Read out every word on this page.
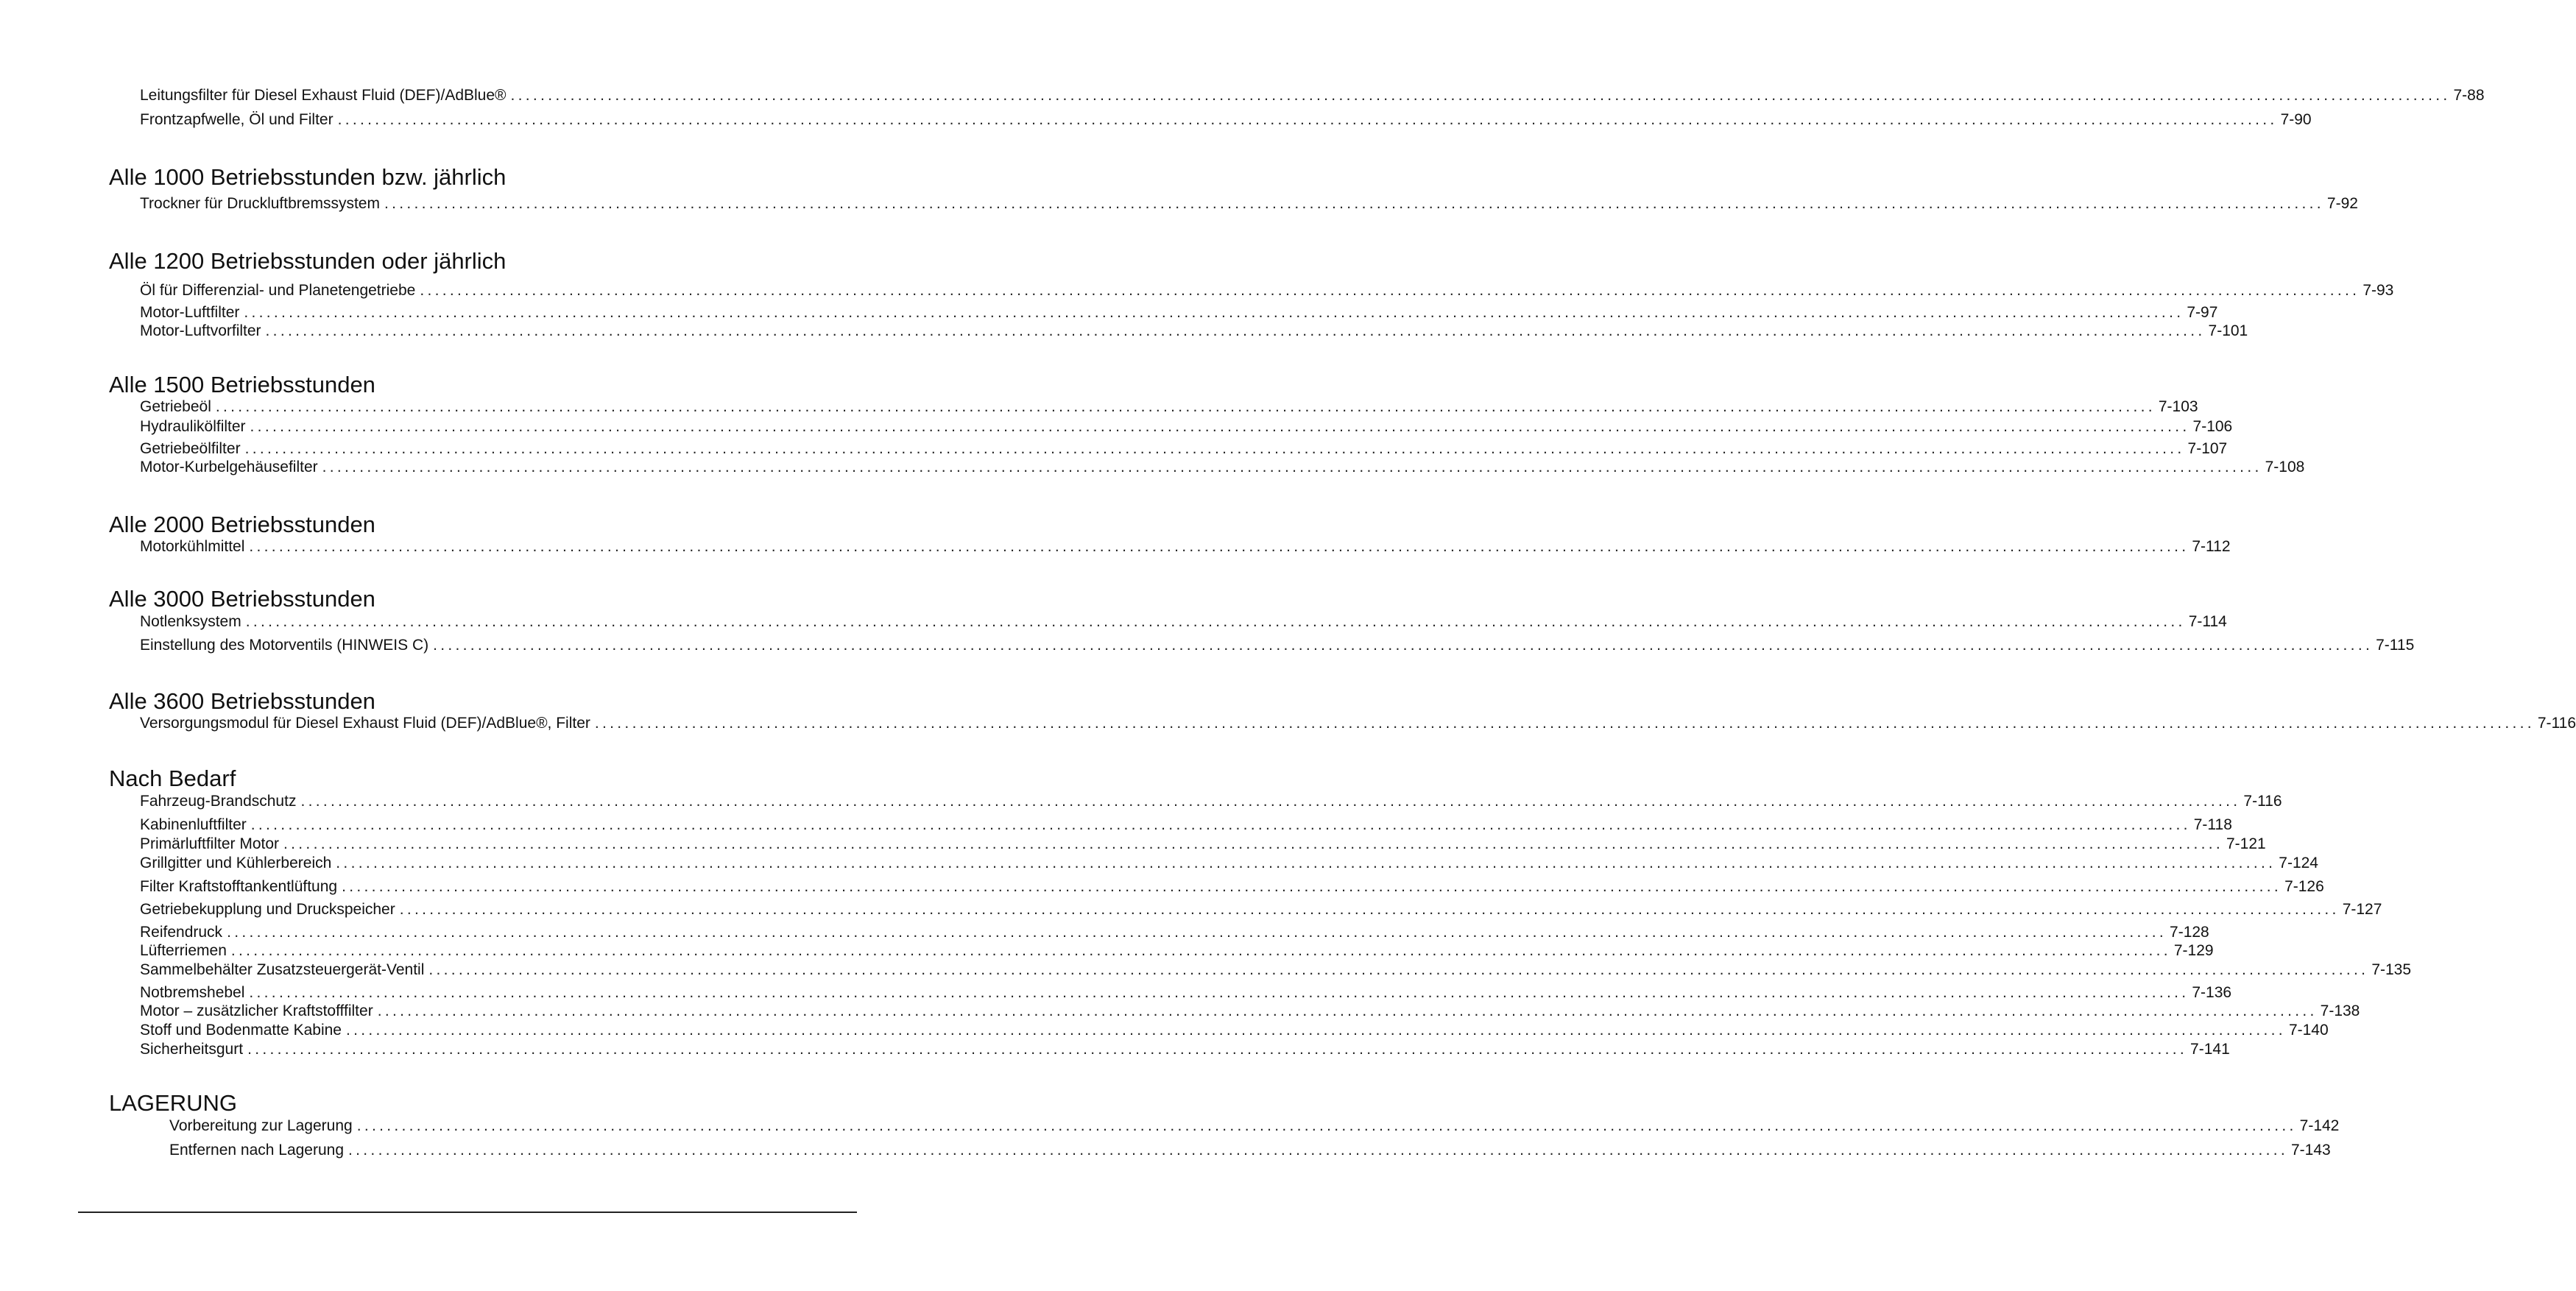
Leitungsfilter für Diesel Exhaust Fluid (DEF)/AdBlue® .................................................................................................................................................................................................................................................................... 7-88
Frontzapfwelle, Öl und Filter .................................................................................................................................................................................................................................................................... 7-90
Alle 1000 Betriebsstunden bzw. jährlich
Trockner für Druckluftbremssystem .................................................................................................................................................................................................................................................................... 7-92
Alle 1200 Betriebsstunden oder jährlich
Öl für Differenzial- und Planetengetriebe .................................................................................................................................................................................................................................................................... 7-93
Motor-Luftfilter .................................................................................................................................................................................................................................................................... 7-97
Motor-Luftvorfilter .................................................................................................................................................................................................................................................................... 7-101
Alle 1500 Betriebsstunden
Getriebeöl .................................................................................................................................................................................................................................................................... 7-103
Hydraulikölfilter .................................................................................................................................................................................................................................................................... 7-106
Getriebeölfilter .................................................................................................................................................................................................................................................................... 7-107
Motor-Kurbelgehäusefilter .................................................................................................................................................................................................................................................................... 7-108
Alle 2000 Betriebsstunden
Motorkühlmittel .................................................................................................................................................................................................................................................................... 7-112
Alle 3000 Betriebsstunden
Notlenksystem .................................................................................................................................................................................................................................................................... 7-114
Einstellung des Motorventils (HINWEIS C) .................................................................................................................................................................................................................................................................... 7-115
Alle 3600 Betriebsstunden
Versorgungsmodul für Diesel Exhaust Fluid (DEF)/AdBlue®, Filter .................................................................................................................................................................................................................................................................... 7-116
Nach Bedarf
Fahrzeug-Brandschutz .................................................................................................................................................................................................................................................................... 7-116
Kabinenluftfilter .................................................................................................................................................................................................................................................................... 7-118
Primärluftfilter Motor .................................................................................................................................................................................................................................................................... 7-121
Grillgitter und Kühlerbereich .................................................................................................................................................................................................................................................................... 7-124
Filter Kraftstofftankentlüftung .................................................................................................................................................................................................................................................................... 7-126
Getriebekupplung und Druckspeicher .................................................................................................................................................................................................................................................................... 7-127
Reifendruck .................................................................................................................................................................................................................................................................... 7-128
Lüfterriemen .................................................................................................................................................................................................................................................................... 7-129
Sammelbehälter Zusatzsteuergerät-Ventil .................................................................................................................................................................................................................................................................... 7-135
Notbremshebel .................................................................................................................................................................................................................................................................... 7-136
Motor – zusätzlicher Kraftstofffilter .................................................................................................................................................................................................................................................................... 7-138
Stoff und Bodenmatte Kabine .................................................................................................................................................................................................................................................................... 7-140
Sicherheitsgurt .................................................................................................................................................................................................................................................................... 7-141
LAGERUNG
Vorbereitung zur Lagerung .................................................................................................................................................................................................................................................................... 7-142
Entfernen nach Lagerung .................................................................................................................................................................................................................................................................... 7-143
